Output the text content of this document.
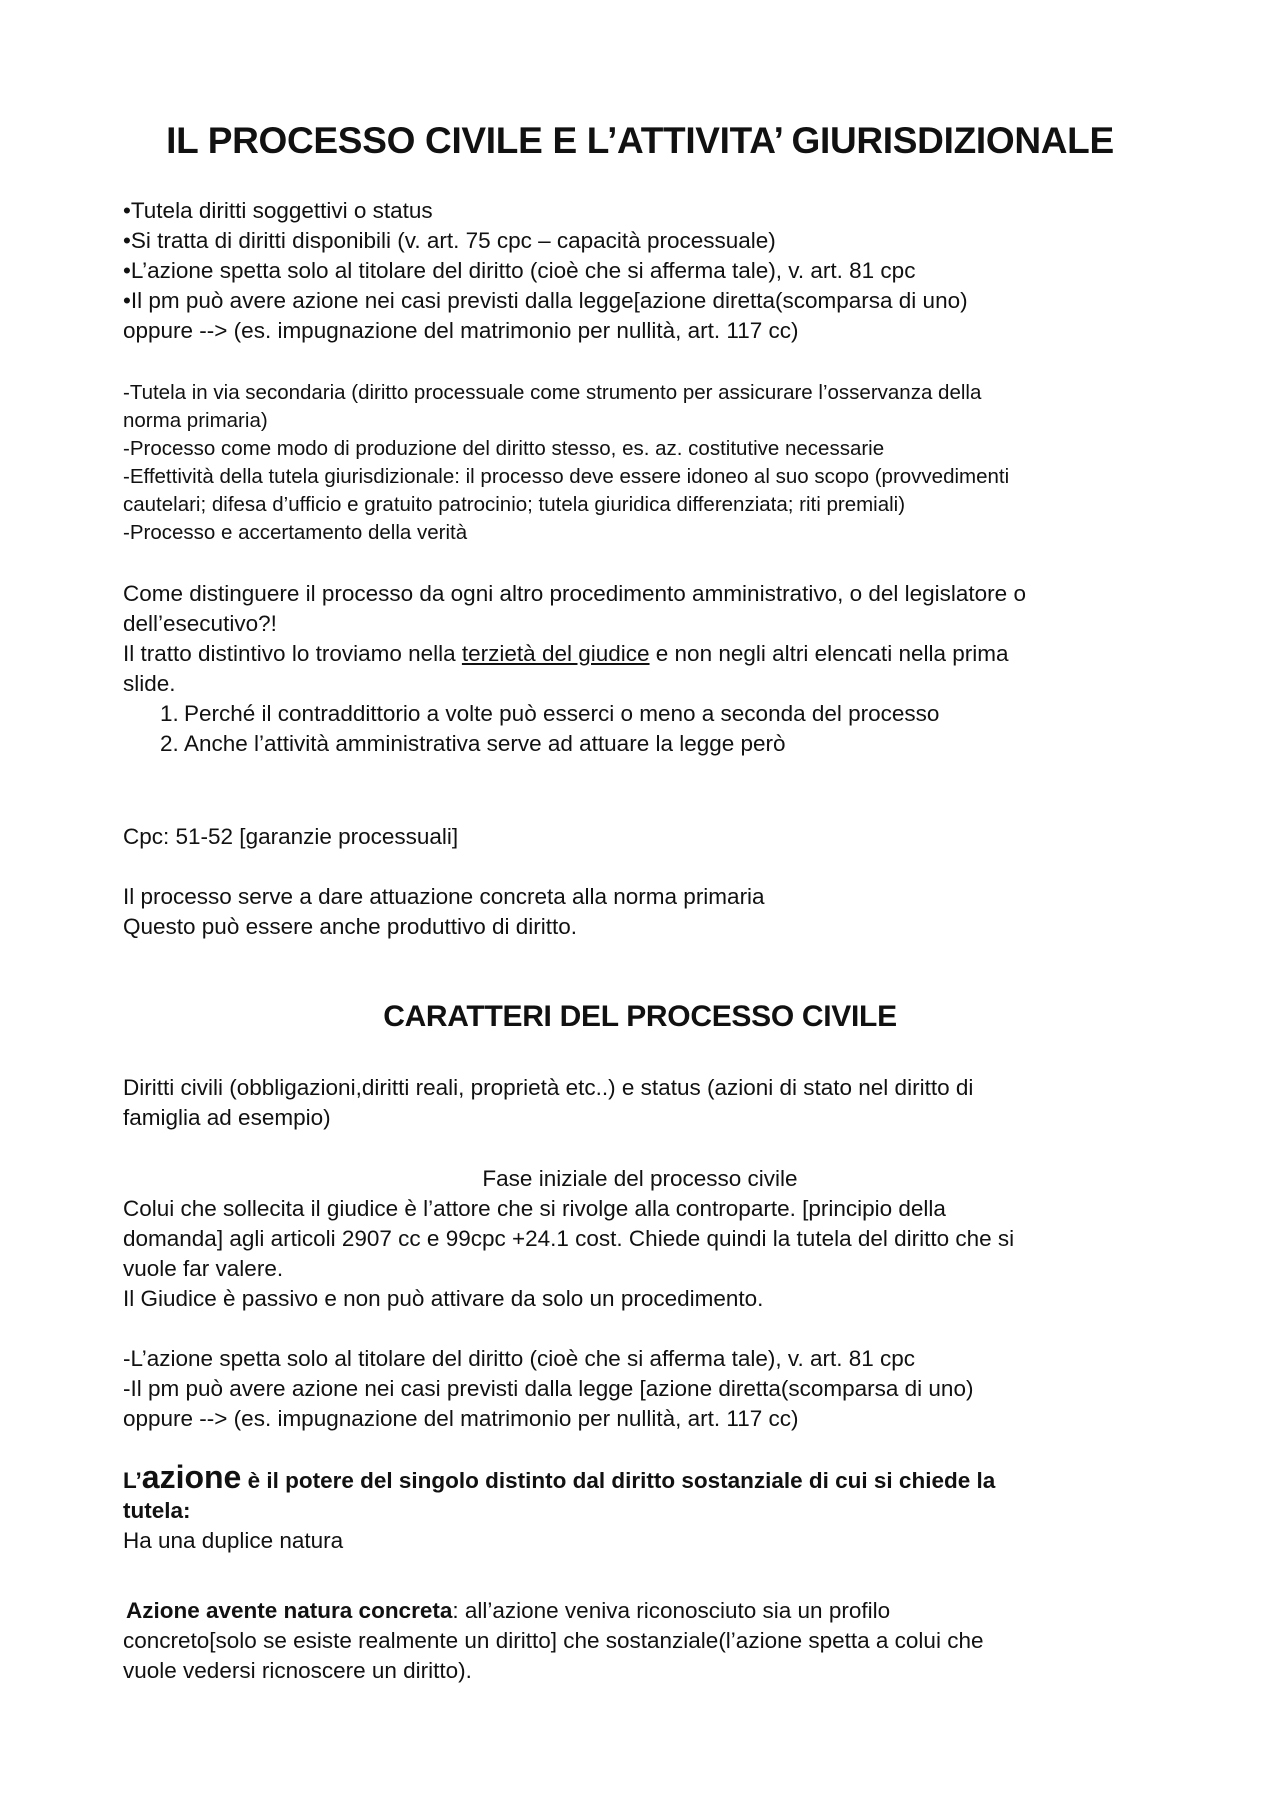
IL PROCESSO CIVILE E L’ATTIVITA’ GIURISDIZIONALE
•Tutela diritti soggettivi o status
•Si tratta di diritti disponibili (v. art. 75 cpc – capacità processuale)
•L’azione spetta solo al titolare del diritto (cioè che si afferma tale), v. art. 81 cpc
•Il pm può avere azione nei casi previsti dalla legge[azione diretta(scomparsa di uno)
oppure --> (es. impugnazione del matrimonio per nullità, art. 117 cc)
-Tutela in via secondaria (diritto processuale come strumento per assicurare l’osservanza della
norma primaria)
-Processo come modo di produzione del diritto stesso, es. az. costitutive necessarie
-Effettività della tutela giurisdizionale: il processo deve essere idoneo al suo scopo (provvedimenti
cautelari; difesa d’ufficio e gratuito patrocinio; tutela giuridica differenziata; riti premiali)
-Processo e accertamento della verità
Come distinguere il processo da ogni altro procedimento amministrativo, o del legislatore o
dell’esecutivo?!
Il tratto distintivo lo troviamo nella terzietà del giudice e non negli altri elencati nella prima
slide.
1. Perché il contraddittorio a volte può esserci o meno a seconda del processo
2. Anche l’attività amministrativa serve ad attuare la legge però
Cpc: 51-52 [garanzie processuali]
Il processo serve a dare attuazione concreta alla norma primaria
Questo può essere anche produttivo di diritto.
CARATTERI DEL PROCESSO CIVILE
Diritti civili (obbligazioni,diritti reali, proprietà etc..) e status (azioni di stato nel diritto di
famiglia ad esempio)
Fase iniziale del processo civile
Colui che sollecita il giudice è l’attore che si rivolge alla controparte. [principio della
domanda] agli articoli 2907 cc e 99cpc +24.1 cost. Chiede quindi la tutela del diritto che si
vuole far valere.
Il Giudice è passivo e non può attivare da solo un procedimento.
-L’azione spetta solo al titolare del diritto (cioè che si afferma tale), v. art. 81 cpc
-Il pm può avere azione nei casi previsti dalla legge [azione diretta(scomparsa di uno)
oppure --> (es. impugnazione del matrimonio per nullità, art. 117 cc)
L’azione è il potere del singolo distinto dal diritto sostanziale di cui si chiede la
tutela:
Ha una duplice natura
Azione avente natura concreta: all’azione veniva riconosciuto sia un profilo
concreto[solo se esiste realmente un diritto] che sostanziale(l’azione spetta a colui che
vuole vedersi ricnoscere un diritto).
